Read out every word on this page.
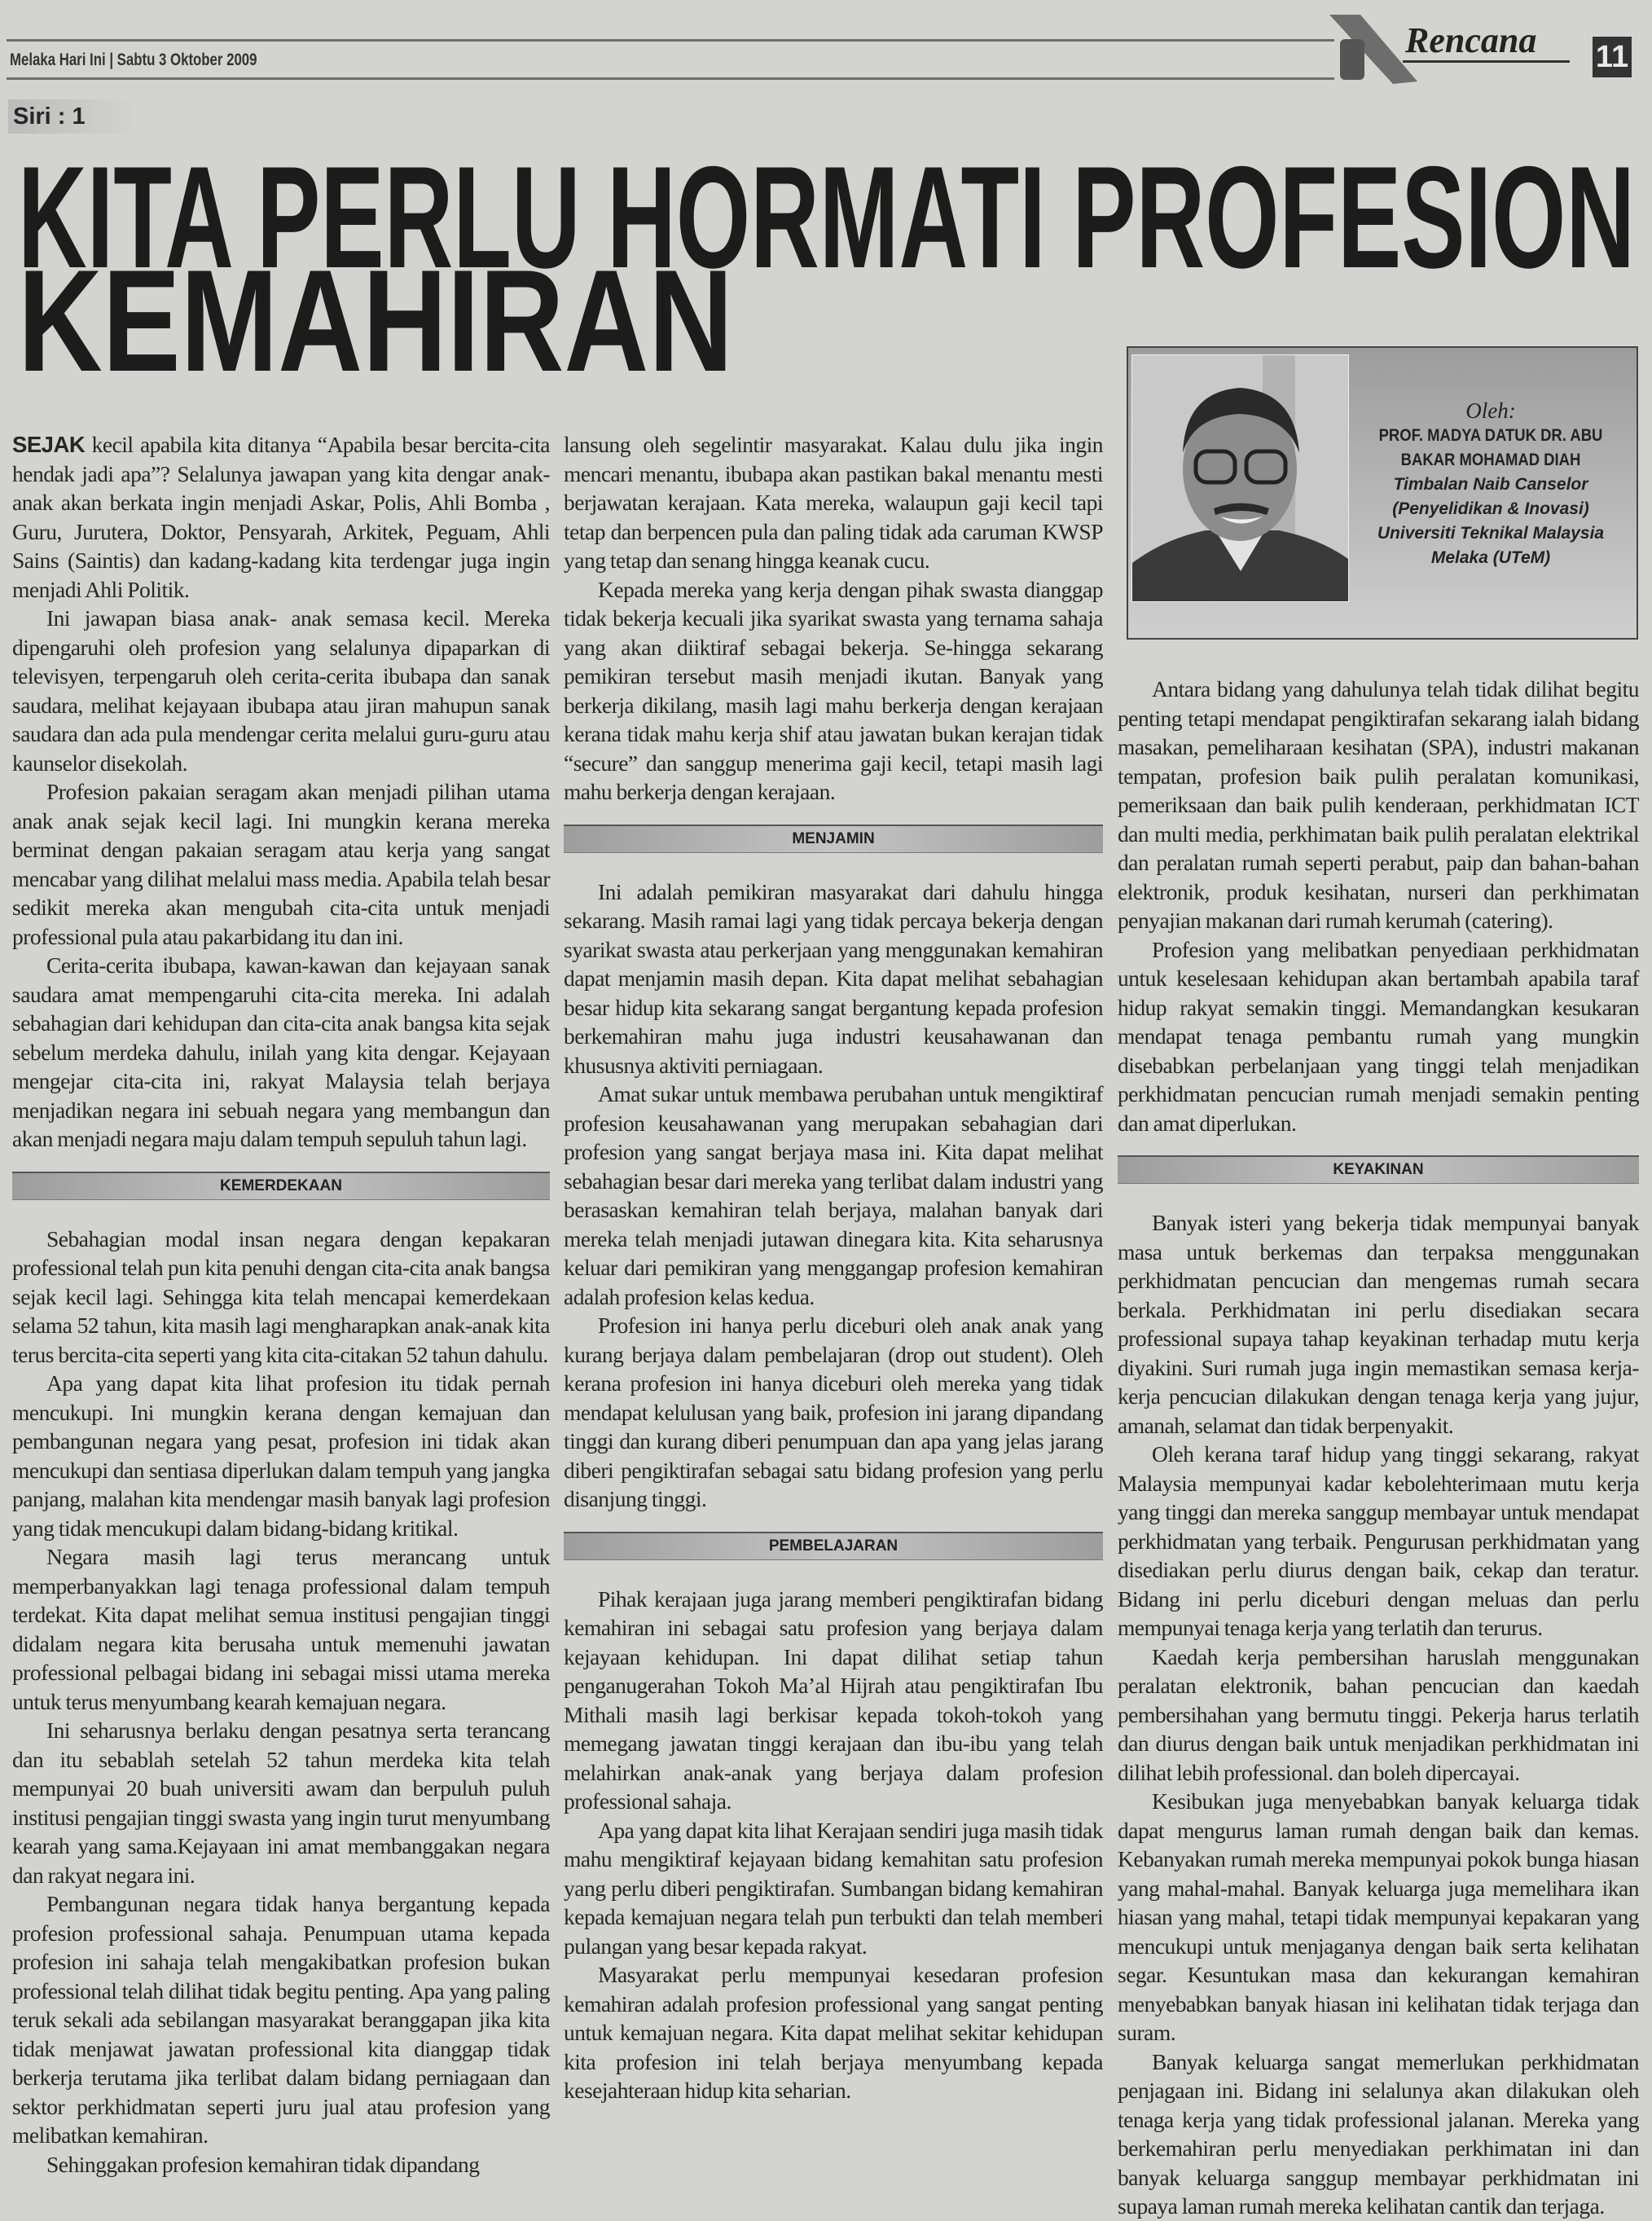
Melaka Hari Ini | Sabtu 3 Oktober 2009	Rencana 11
Siri : 1
KITA PERLU HORMATI PROFESION
KEMAHIRAN
Oleh:
PROF. MADYA DATUK DR. ABU
BAKAR MOHAMAD DIAH
Timbalan Naib Canselor
(Penyelidikan & Inovasi)
Universiti Teknikal Malaysia
Melaka (UTeM)

SEJAK kecil apabila kita ditanya “Apabila besar bercita-cita hendak jadi apa”? Selalunya jawapan yang kita dengar anak-anak akan berkata ingin menjadi Askar, Polis, Ahli Bomba , Guru, Jurutera, Doktor, Pensyarah, Arkitek, Peguam, Ahli Sains (Saintis) dan kadang-kadang kita terdengar juga ingin menjadi Ahli Politik.

Ini jawapan biasa anak- anak semasa kecil. Mereka dipengaruhi oleh profesion yang selalunya dipaparkan di televisyen, terpengaruh oleh cerita-cerita ibubapa dan sanak saudara, melihat kejayaan ibubapa atau jiran mahupun sanak saudara dan ada pula mendengar cerita melalui guru-guru atau kaunselor disekolah.

Profesion pakaian seragam akan menjadi pilihan utama anak anak sejak kecil lagi. Ini mungkin kerana mereka berminat dengan pakaian seragam atau kerja yang sangat mencabar yang dilihat melalui mass media. Apabila telah besar sedikit mereka akan mengubah cita-cita untuk menjadi professional pula atau pakarbidang itu dan ini.

Cerita-cerita ibubapa, kawan-kawan dan kejayaan sanak saudara amat mempengaruhi cita-cita mereka. Ini adalah sebahagian dari kehidupan dan cita-cita anak bangsa kita sejak sebelum merdeka dahulu, inilah yang kita dengar. Kejayaan mengejar cita-cita ini, rakyat Malaysia telah berjaya menjadikan negara ini sebuah negara yang membangun dan akan menjadi negara maju dalam tempuh sepuluh tahun lagi.

KEMERDEKAAN

Sebahagian modal insan negara dengan kepakaran professional telah pun kita penuhi dengan cita-cita anak bangsa sejak kecil lagi. Sehingga kita telah mencapai kemerdekaan selama 52 tahun, kita masih lagi mengharapkan anak-anak kita terus bercita-cita seperti yang kita cita-citakan 52 tahun dahulu.

Apa yang dapat kita lihat profesion itu tidak pernah mencukupi. Ini mungkin kerana dengan kemajuan dan pembangunan negara yang pesat, profesion ini tidak akan mencukupi dan sentiasa diperlukan dalam tempuh yang jangka panjang, malahan kita mendengar masih banyak lagi profesion yang tidak mencukupi dalam bidang-bidang kritikal.

Negara masih lagi terus merancang untuk memperbanyakkan lagi tenaga professional dalam tempuh terdekat. Kita dapat melihat semua institusi pengajian tinggi didalam negara kita berusaha untuk memenuhi jawatan professional pelbagai bidang ini sebagai missi utama mereka untuk terus menyumbang kearah kemajuan negara.

Ini seharusnya berlaku dengan pesatnya serta terancang dan itu sebablah setelah 52 tahun merdeka kita telah mempunyai 20 buah universiti awam dan berpuluh puluh institusi pengajian tinggi swasta yang ingin turut menyumbang kearah yang sama.Kejayaan ini amat membanggakan negara dan rakyat negara ini.

Pembangunan negara tidak hanya bergantung kepada profesion professional sahaja. Penumpuan utama kepada profesion ini sahaja telah mengakibatkan profesion bukan professional telah dilihat tidak begitu penting. Apa yang paling teruk sekali ada sebilangan masyarakat beranggapan jika kita tidak menjawat jawatan professional kita dianggap tidak berkerja terutama jika terlibat dalam bidang perniagaan dan sektor perkhidmatan seperti juru jual atau profesion yang melibatkan kemahiran.

Sehinggakan profesion kemahiran tidak dipandang

lansung oleh segelintir masyarakat. Kalau dulu jika ingin mencari menantu, ibubapa akan pastikan bakal menantu mesti berjawatan kerajaan. Kata mereka, walaupun gaji kecil tapi tetap dan berpencen pula dan paling tidak ada caruman KWSP yang tetap dan senang hingga keanak cucu.

Kepada mereka yang kerja dengan pihak swasta dianggap tidak bekerja kecuali jika syarikat swasta yang ternama sahaja yang akan diiktiraf sebagai bekerja. Se-hingga sekarang pemikiran tersebut masih menjadi ikutan. Banyak yang berkerja dikilang, masih lagi mahu berkerja dengan kerajaan kerana tidak mahu kerja shif atau jawatan bukan kerajan tidak “secure” dan sanggup menerima gaji kecil, tetapi masih lagi mahu berkerja dengan kerajaan.

MENJAMIN

Ini adalah pemikiran masyarakat dari dahulu hingga sekarang. Masih ramai lagi yang tidak percaya bekerja dengan syarikat swasta atau perkerjaan yang menggunakan kemahiran dapat menjamin masih depan. Kita dapat melihat sebahagian besar hidup kita sekarang sangat bergantung kepada profesion berkemahiran mahu juga industri keusahawanan dan khususnya aktiviti perniagaan.

Amat sukar untuk membawa perubahan untuk mengiktiraf profesion keusahawanan yang merupakan sebahagian dari profesion yang sangat berjaya masa ini. Kita dapat melihat sebahagian besar dari mereka yang terlibat dalam industri yang berasaskan kemahiran telah berjaya, malahan banyak dari mereka telah menjadi jutawan dinegara kita. Kita seharusnya keluar dari pemikiran yang menggangap profesion kemahiran adalah profesion kelas kedua.

Profesion ini hanya perlu diceburi oleh anak anak yang kurang berjaya dalam pembelajaran (drop out student). Oleh kerana profesion ini hanya diceburi oleh mereka yang tidak mendapat kelulusan yang baik, profesion ini jarang dipandang tinggi dan kurang diberi penumpuan dan apa yang jelas jarang diberi pengiktirafan sebagai satu bidang profesion yang perlu disanjung tinggi.

PEMBELAJARAN

Pihak kerajaan juga jarang memberi pengiktirafan bidang kemahiran ini sebagai satu profesion yang berjaya dalam kejayaan kehidupan. Ini dapat dilihat setiap tahun penganugerahan Tokoh Ma’al Hijrah atau pengiktirafan Ibu Mithali masih lagi berkisar kepada tokoh-tokoh yang memegang jawatan tinggi kerajaan dan ibu-ibu yang telah melahirkan anak-anak yang berjaya dalam profesion professional sahaja.

Apa yang dapat kita lihat Kerajaan sendiri juga masih tidak mahu mengiktiraf kejayaan bidang kemahitan satu profesion yang perlu diberi pengiktirafan. Sumbangan bidang kemahiran kepada kemajuan negara telah pun terbukti dan telah memberi pulangan yang besar kepada rakyat.

Masyarakat perlu mempunyai kesedaran profesion kemahiran adalah profesion professional yang sangat penting untuk kemajuan negara. Kita dapat melihat sekitar kehidupan kita profesion ini telah berjaya menyumbang kepada kesejahteraan hidup kita seharian.

Antara bidang yang dahulunya telah tidak dilihat begitu penting tetapi mendapat pengiktirafan sekarang ialah bidang masakan, pemeliharaan kesihatan (SPA), industri makanan tempatan, profesion baik pulih peralatan komunikasi, pemeriksaan dan baik pulih kenderaan, perkhidmatan ICT dan multi media, perkhimatan baik pulih peralatan elektrikal dan peralatan rumah seperti perabut, paip dan bahan-bahan elektronik, produk kesihatan, nurseri dan perkhimatan penyajian makanan dari rumah kerumah (catering).

Profesion yang melibatkan penyediaan perkhidmatan untuk keselesaan kehidupan akan bertambah apabila taraf hidup rakyat semakin tinggi. Memandangkan kesukaran mendapat tenaga pembantu rumah yang mungkin disebabkan perbelanjaan yang tinggi telah menjadikan perkhidmatan pencucian rumah menjadi semakin penting dan amat diperlukan.

KEYAKINAN

Banyak isteri yang bekerja tidak mempunyai banyak masa untuk berkemas dan terpaksa menggunakan perkhidmatan pencucian dan mengemas rumah secara berkala. Perkhidmatan ini perlu disediakan secara professional supaya tahap keyakinan terhadap mutu kerja diyakini. Suri rumah juga ingin memastikan semasa kerja-kerja pencucian dilakukan dengan tenaga kerja yang jujur, amanah, selamat dan tidak berpenyakit.

Oleh kerana taraf hidup yang tinggi sekarang, rakyat Malaysia mempunyai kadar kebolehterimaan mutu kerja yang tinggi dan mereka sanggup membayar untuk mendapat perkhidmatan yang terbaik. Pengurusan perkhidmatan yang disediakan perlu diurus dengan baik, cekap dan teratur. Bidang ini perlu diceburi dengan meluas dan perlu mempunyai tenaga kerja yang terlatih dan terurus.

Kaedah kerja pembersihan haruslah menggunakan peralatan elektronik, bahan pencucian dan kaedah pembersihahan yang bermutu tinggi. Pekerja harus terlatih dan diurus dengan baik untuk menjadikan perkhidmatan ini dilihat lebih professional. dan boleh dipercayai.

Kesibukan juga menyebabkan banyak keluarga tidak dapat mengurus laman rumah dengan baik dan kemas. Kebanyakan rumah mereka mempunyai pokok bunga hiasan yang mahal-mahal. Banyak keluarga juga memelihara ikan hiasan yang mahal, tetapi tidak mempunyai kepakaran yang mencukupi untuk menjaganya dengan baik serta kelihatan segar. Kesuntukan masa dan kekurangan kemahiran menyebabkan banyak hiasan ini kelihatan tidak terjaga dan suram.

Banyak keluarga sangat memerlukan perkhidmatan penjagaan ini. Bidang ini selalunya akan dilakukan oleh tenaga kerja yang tidak professional jalanan. Mereka yang berkemahiran perlu menyediakan perkhimatan ini dan banyak keluarga sanggup membayar perkhidmatan ini supaya laman rumah mereka kelihatan cantik dan terjaga.
